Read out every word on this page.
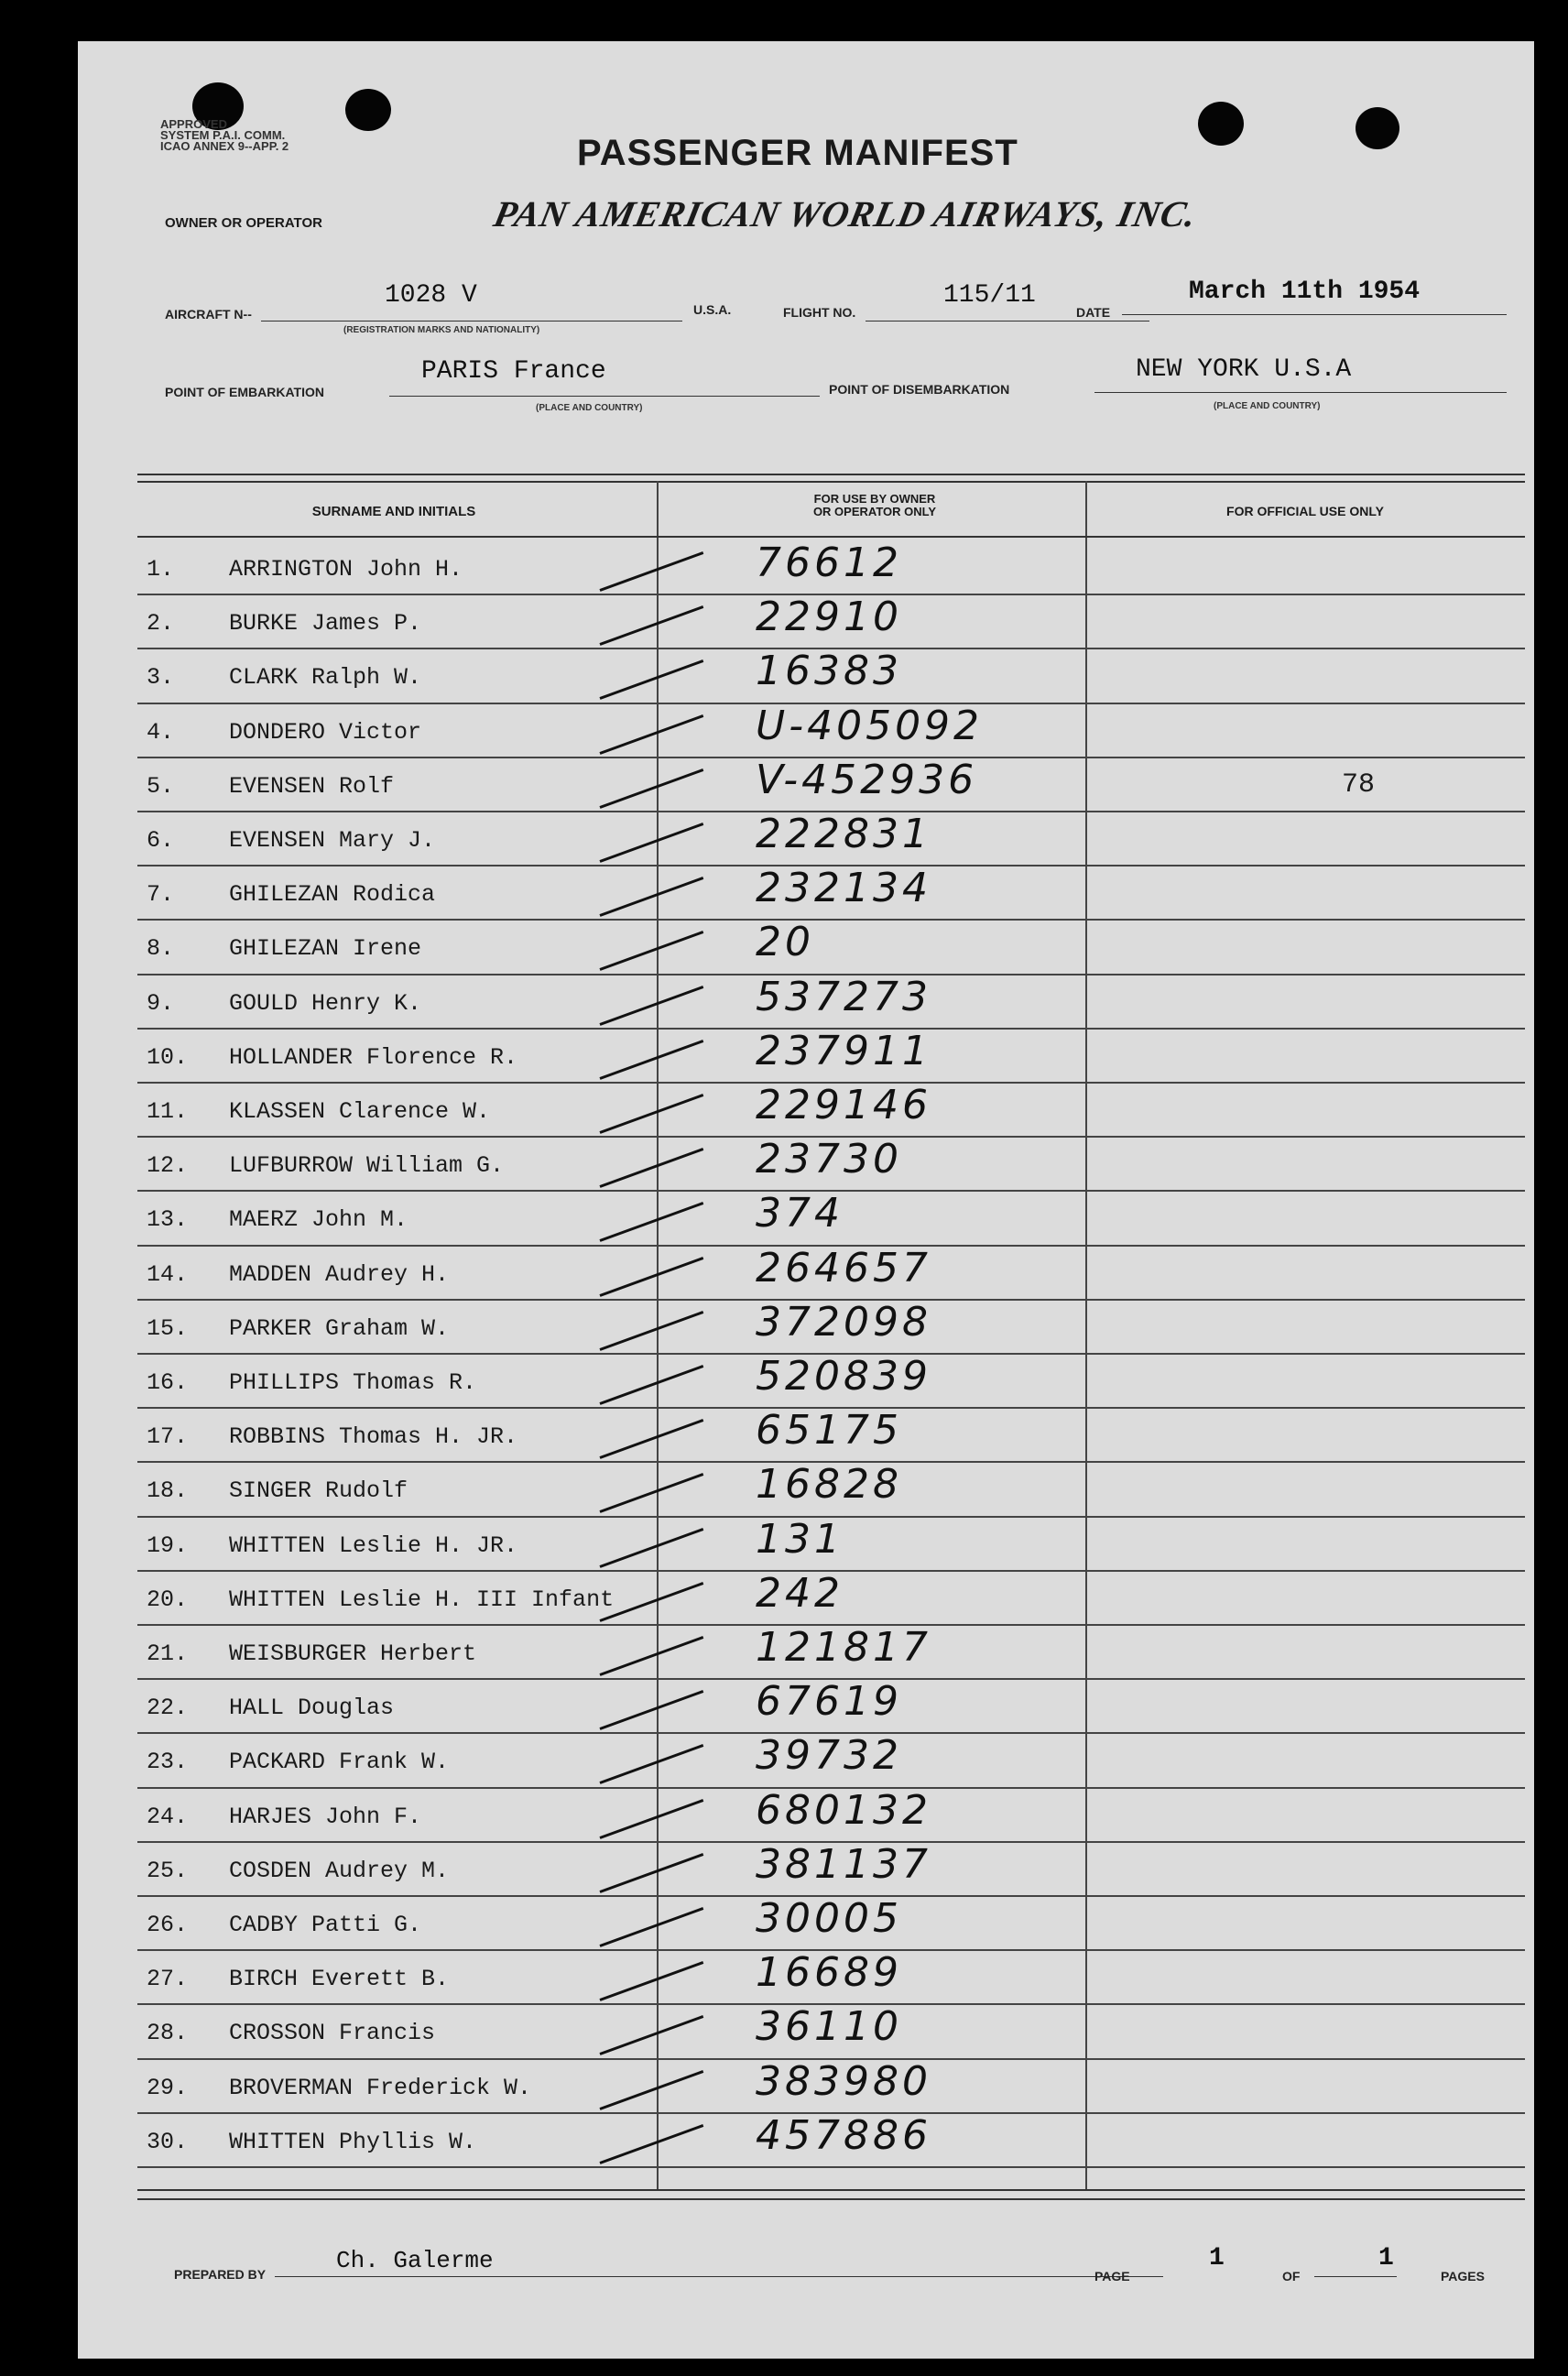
APPROVED
SYSTEM P.A.I. COMM.
ICAO ANNEX 9--APP. 2	PASSENGER MANIFEST
OWNER OR OPERATOR	PAN AMERICAN WORLD AIRWAYS, INC.
AIRCRAFT N--
1028 V
(REGISTRATION MARKS AND NATIONALITY)
U.S.A.	FLIGHT NO.
115/11
DATE
March 11th 1954
POINT OF EMBARKATION
PARIS France
(PLACE AND COUNTRY)
POINT OF DISEMBARKATION
NEW YORK U.S.A
(PLACE AND COUNTRY)
SURNAME AND INITIALS
FOR USE BY OWNER
OR OPERATOR ONLY	FOR OFFICIAL USE ONLY
1. ARRINGTON John H.	76612
2. BURKE James P.	22910
3. CLARK Ralph W.	16383
4. DONDERO Victor	U-405092
5. EVENSEN Rolf	V-452936	78
6. EVENSEN Mary J.	222831
7. GHILEZAN Rodica	232134
8. GHILEZAN Irene	20
9. GOULD Henry K.	537273
10. HOLLANDER Florence R.	237911
11. KLASSEN Clarence W.	229146
12. LUFBURROW William G.	23730
13. MAERZ John M.	374
14. MADDEN Audrey H.	264657
15. PARKER Graham W.	372098
16. PHILLIPS Thomas R.	520839
17. ROBBINS Thomas H. JR.	65175
18. SINGER Rudolf	16828
19. WHITTEN Leslie H. JR.	131
20. WHITTEN Leslie H. III Infant	242
21. WEISBURGER Herbert	121817
22. HALL Douglas	67619
23. PACKARD Frank W.	39732
24. HARJES John F.	680132
25. COSDEN Audrey M.	381137
26. CADBY Patti G.	30005
27. BIRCH Everett B.	16689
28. CROSSON Francis	36110
29. BROVERMAN Frederick W.	383980
30. WHITTEN Phyllis W.	457886
PREPARED BY	Ch. Galerme
PAGE
1
OF
1
PAGES
